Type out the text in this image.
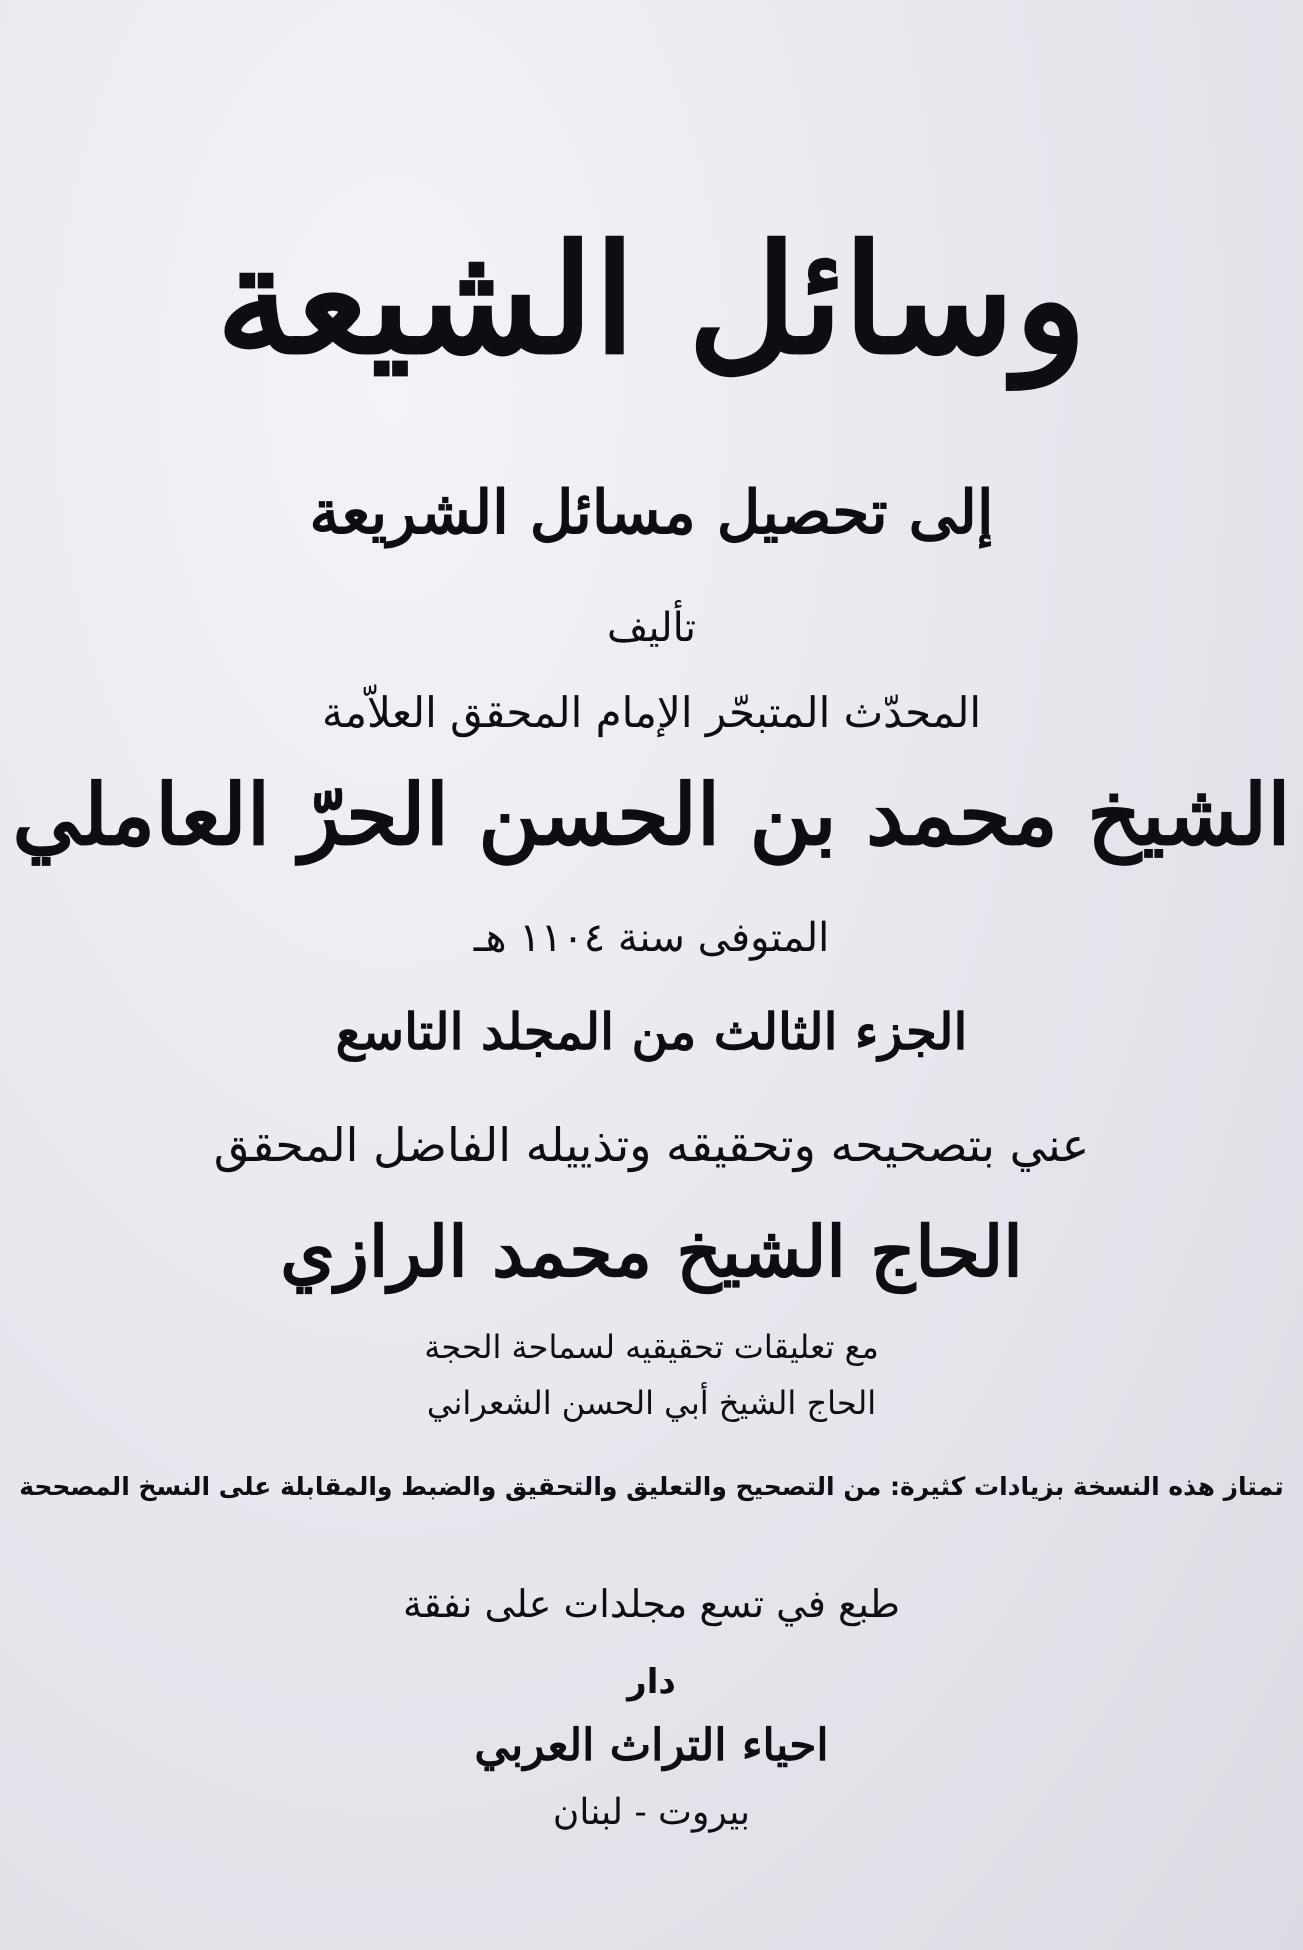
وسائل الشيعة
إلى تحصيل مسائل الشريعة
تأليف
المحدّث المتبحّر الإمام المحقق العلاّمة
الشيخ محمد بن الحسن الحرّ العاملي
المتوفى سنة ١١٠٤ هـ
الجزء الثالث من المجلد التاسع
عني بتصحيحه وتحقيقه وتذييله الفاضل المحقق
الحاج الشيخ محمد الرازي
مع تعليقات تحقيقيه لسماحة الحجة
الحاج الشيخ أبي الحسن الشعراني
تمتاز هذه النسخة بزيادات كثيرة: من التصحيح والتعليق والتحقيق والضبط والمقابلة على النسخ المصححة
طبع في تسع مجلدات على نفقة
دار
احياء التراث العربي
بيروت - لبنان
